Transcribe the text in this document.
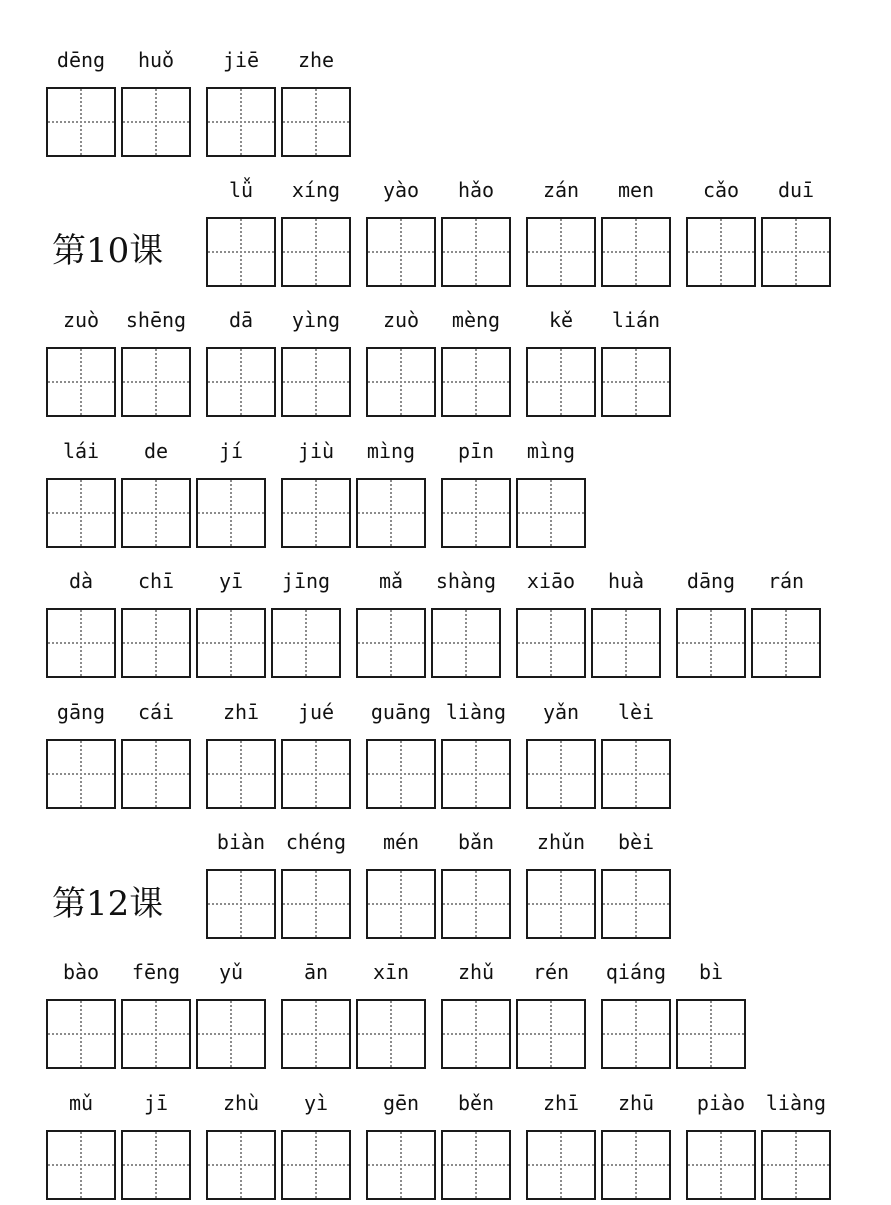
第10课
第12课
dēng	huǒ	jiē	zhe
lǚ	xíng	yào	hǎo	zán	men	cǎo	duī
zuò	shēng	dā	yìng	zuò	mèng	kě	lián
lái	de	jí	jiù	mìng	pīn	mìng
dà	chī	yī	jīng	mǎ	shàng	xiāo	huà	dāng	rán
gāng	cái	zhī	jué	guāng liàng	yǎn	lèi
biàn	chéng	mén	bǎn	zhǔn	bèi
bào	fēng	yǔ	ān	xīn	zhǔ	rén	qiáng	bì
mǔ	jī	zhù	yì	gēn	běn	zhī	zhū	piào	liàng
